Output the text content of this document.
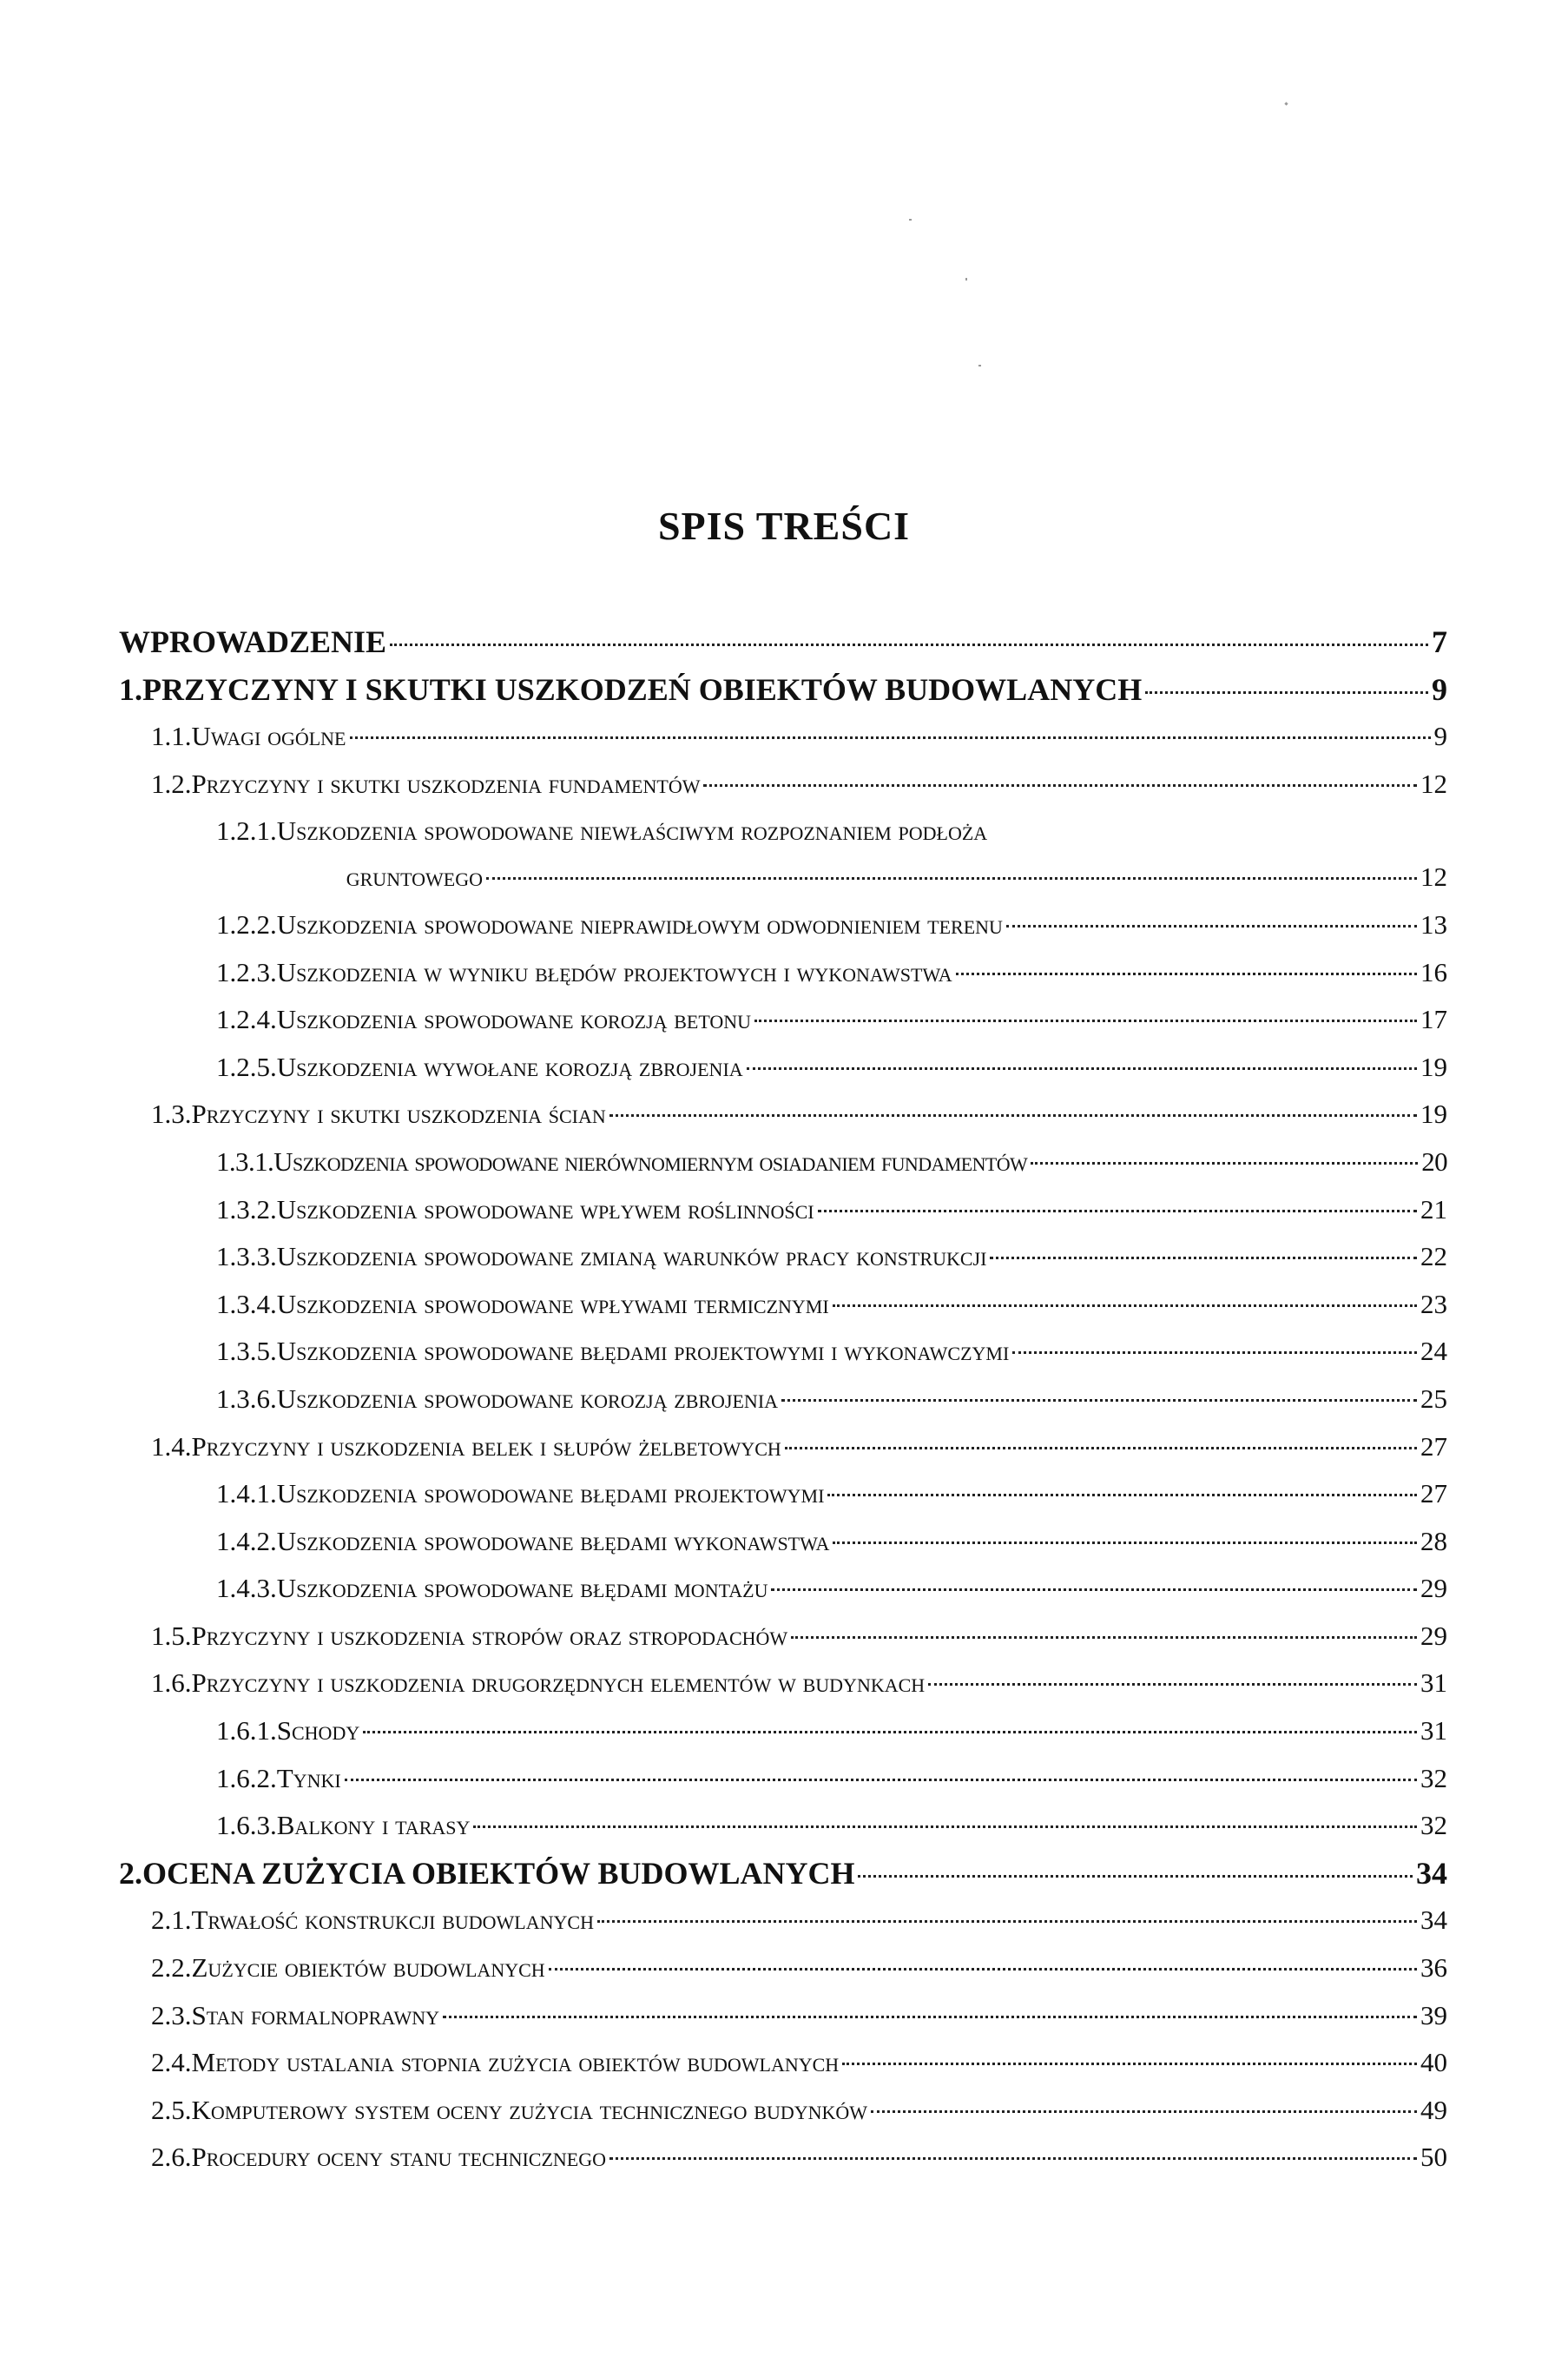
SPIS TREŚCI
WPROWADZENIE	7
1. PRZYCZYNY I SKUTKI USZKODZEŃ OBIEKTÓW BUDOWLANYCH	9
1.1. Uwagi ogólne	9
1.2. Przyczyny i skutki uszkodzenia fundamentów	12
1.2.1. Uszkodzenia spowodowane niewłaściwym rozpoznaniem podłoża
gruntowego	12
1.2.2. Uszkodzenia spowodowane nieprawidłowym odwodnieniem terenu	13
1.2.3. Uszkodzenia w wyniku błędów projektowych i wykonawstwa	16
1.2.4. Uszkodzenia spowodowane korozją betonu	17
1.2.5. Uszkodzenia wywołane korozją zbrojenia	19
1.3. Przyczyny i skutki uszkodzenia ścian	19
1.3.1. Uszkodzenia spowodowane nierównomiernym osiadaniem fundamentów	20
1.3.2. Uszkodzenia spowodowane wpływem roślinności	21
1.3.3. Uszkodzenia spowodowane zmianą warunków pracy konstrukcji	22
1.3.4. Uszkodzenia spowodowane wpływami termicznymi	23
1.3.5. Uszkodzenia spowodowane błędami projektowymi i wykonawczymi	24
1.3.6. Uszkodzenia spowodowane korozją zbrojenia	25
1.4. Przyczyny i uszkodzenia belek i słupów żelbetowych	27
1.4.1. Uszkodzenia spowodowane błędami projektowymi	27
1.4.2. Uszkodzenia spowodowane błędami wykonawstwa	28
1.4.3. Uszkodzenia spowodowane błędami montażu	29
1.5. Przyczyny i uszkodzenia stropów oraz stropodachów	29
1.6. Przyczyny i uszkodzenia drugorzędnych elementów w budynkach	31
1.6.1. Schody	31
1.6.2. Tynki	32
1.6.3. Balkony i tarasy	32
2. OCENA ZUŻYCIA OBIEKTÓW BUDOWLANYCH	34
2.1. Trwałość konstrukcji budowlanych	34
2.2. Zużycie obiektów budowlanych	36
2.3. Stan formalnoprawny	39
2.4. Metody ustalania stopnia zużycia obiektów budowlanych	40
2.5. Komputerowy system oceny zużycia technicznego budynków	49
2.6. Procedury oceny stanu technicznego	50
